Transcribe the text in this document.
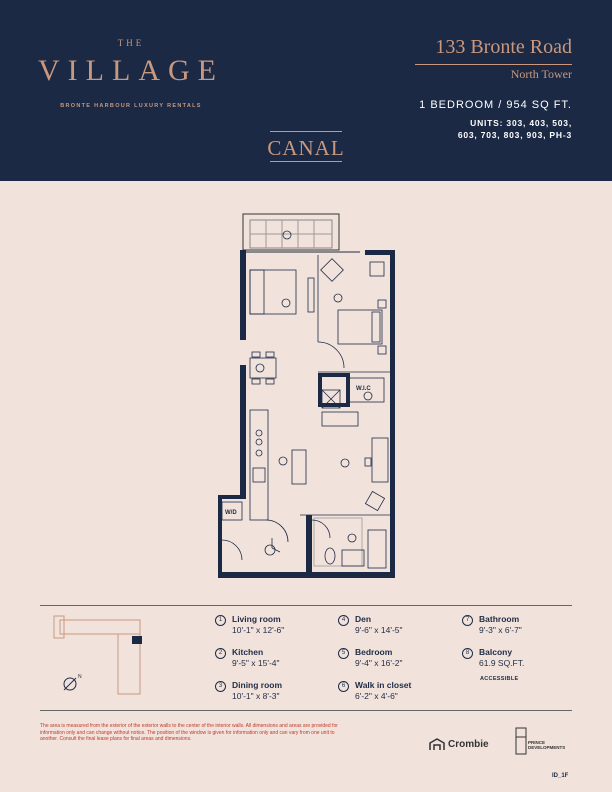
THE
VILLAGE
BRONTE HARBOUR LUXURY RENTALS
CANAL
133 Bronte Road
North Tower
1 BEDROOM / 954 SQ FT.
UNITS: 303, 403, 503,
603, 703, 803, 903, PH-3
W.I.C
W/D
N
1	Living room
10'-1" x 12'-6"
2	Kitchen
9'-5" x 15'-4"
3	Dining room
10'-1" x 8'-3"
4	Den
9'-6" x 14'-5"
5	Bedroom
9'-4" x 16'-2"
6	Walk in closet
6'-2" x 4'-6"
7	Bathroom
9'-3" x 6'-7"
8	Balcony
61.9 SQ.FT.
ACCESSIBLE
The area is measured from the exterior of the exterior walls to the center of the interior walls. All dimensions and areas are provided for information only and can change without notice. The position of the window is given for information only and can vary from one unit to another. Consult the final lease plans for final areas and dimensions.	Crombie	PRINCE
DEVELOPMENTS
ID_1F
